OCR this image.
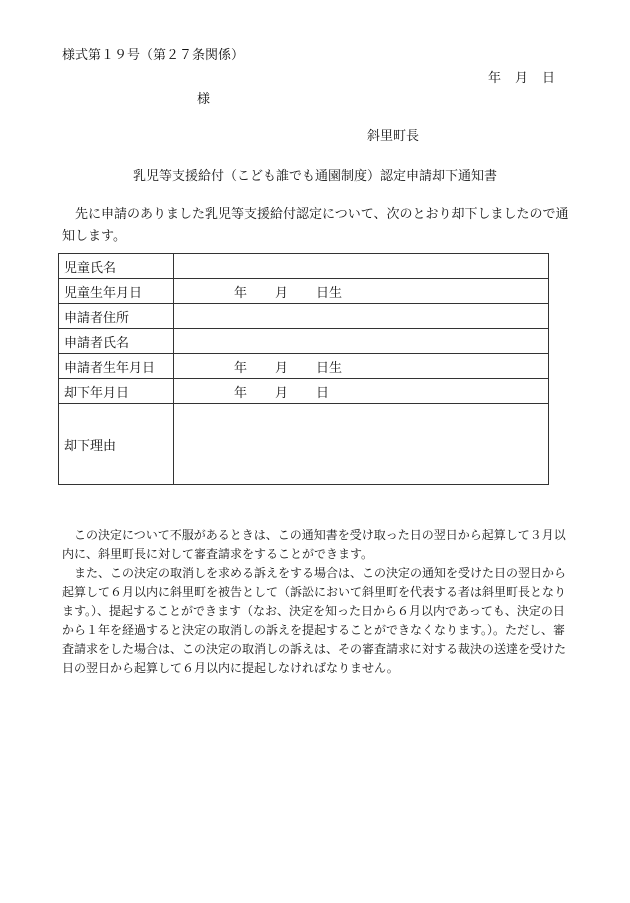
様式第１９号（第２７条関係）
年 月 日
様
斜里町長
乳児等支援給付（こども誰でも通園制度）認定申請却下通知書
先に申請のありました乳児等支援給付認定について、次のとおり却下しましたので通知します。
児童氏名	
児童生年月日	年 月 日生
申請者住所	
申請者氏名	
申請者生年月日	年 月 日生
却下年月日	年 月 日
却下理由	

この決定について不服があるときは、この通知書を受け取った日の翌日から起算して３月以内に、斜里町長に対して審査請求をすることができます。

また、この決定の取消しを求める訴えをする場合は、この決定の通知を受けた日の翌日から起算して６月以内に斜里町を被告として（訴訟において斜里町を代表する者は斜里町長となります。）、提起することができます（なお、決定を知った日から６月以内であっても、決定の日から１年を経過すると決定の取消しの訴えを提起することができなくなります。）。ただし、審査請求をした場合は、この決定の取消しの訴えは、その審査請求に対する裁決の送達を受けた日の翌日から起算して６月以内に提起しなければなりません。
